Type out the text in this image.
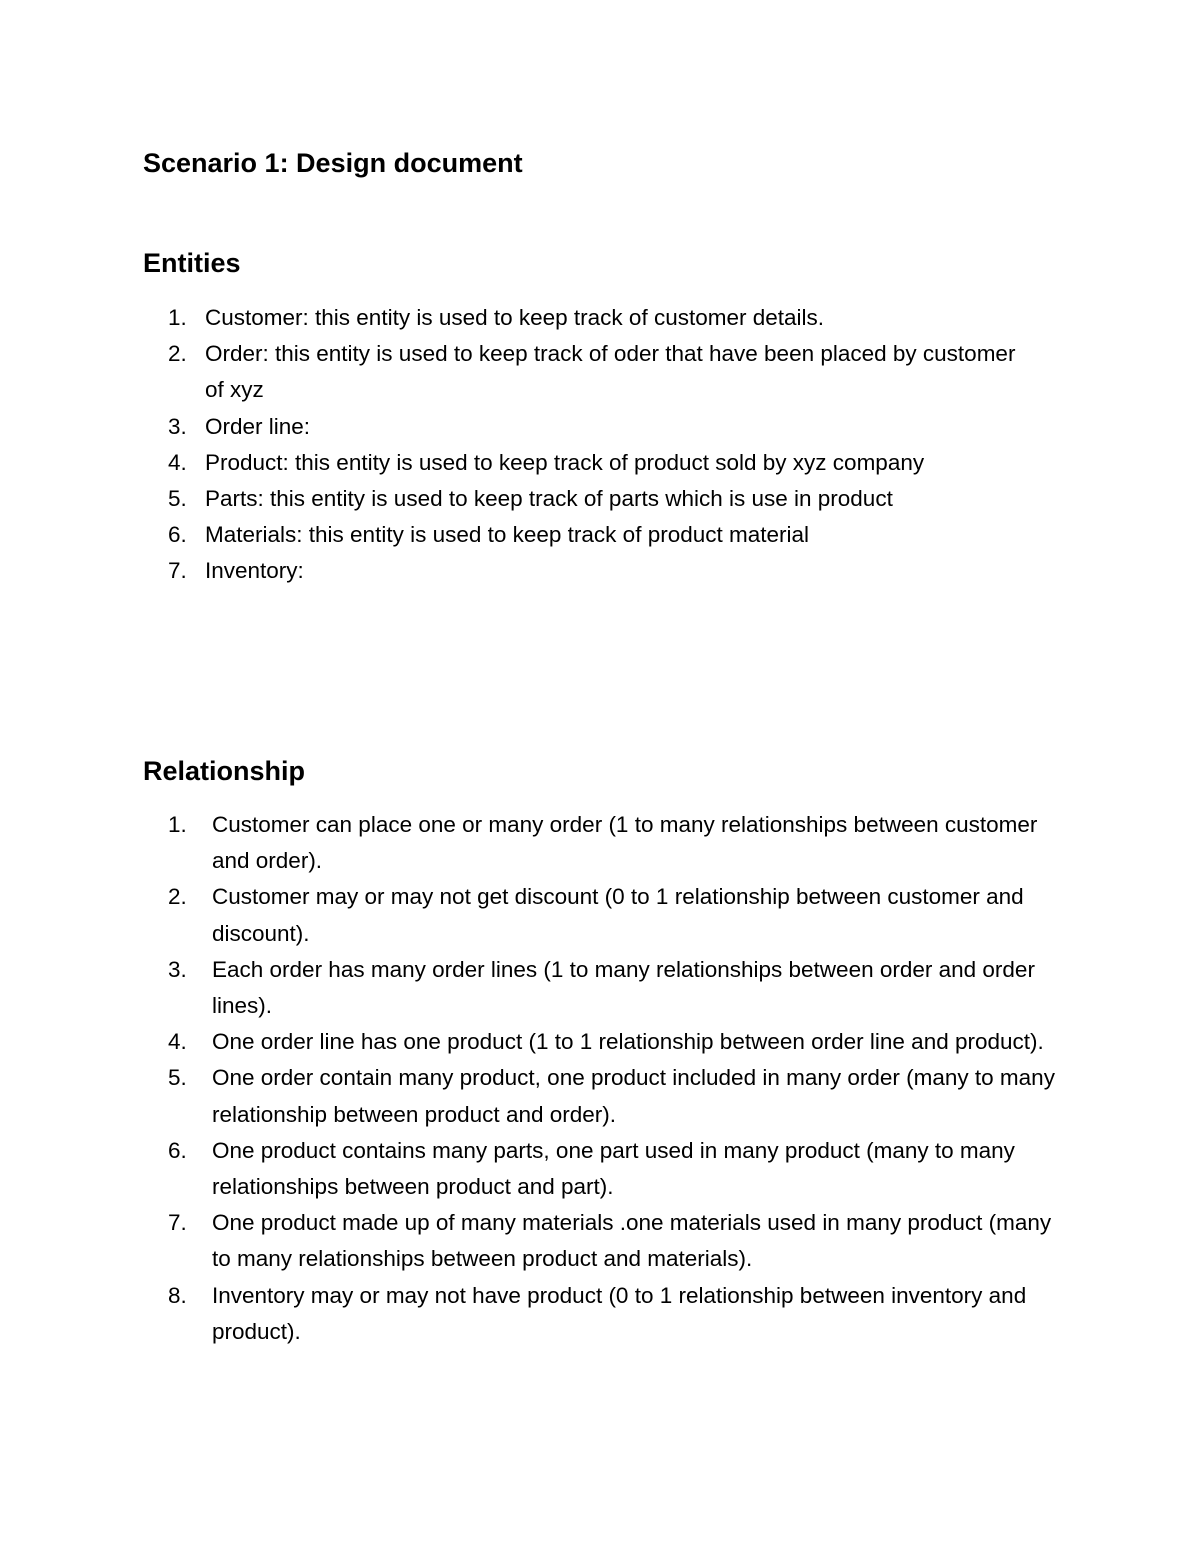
Scenario 1: Design document
Entities
1. Customer: this entity is used to keep track of customer details.
2. Order: this entity is used to keep track of oder that have been placed by customer of xyz
3. Order line:
4. Product: this entity is used to keep track of product sold by xyz company
5. Parts: this entity is used to keep track of parts which is use in product
6. Materials: this entity is used to keep track of product material
7. Inventory:
Relationship
1.	Customer can place one or many order (1 to many relationships between customer and order).
2.	Customer may or may not get discount (0 to 1 relationship between customer and discount).
3.	Each order has many order lines (1 to many relationships between order and order lines).
4.	One order line has one product (1 to 1 relationship between order line and product).
5.	One order contain many product, one product included in many order (many to many relationship between product and order).
6.	One product contains many parts, one part used in many product (many to many relationships between product and part).
7.	One product made up of many materials .one materials used in many product (many to many relationships between product and materials).
8.	Inventory may or may not have product (0 to 1 relationship between inventory and product).
